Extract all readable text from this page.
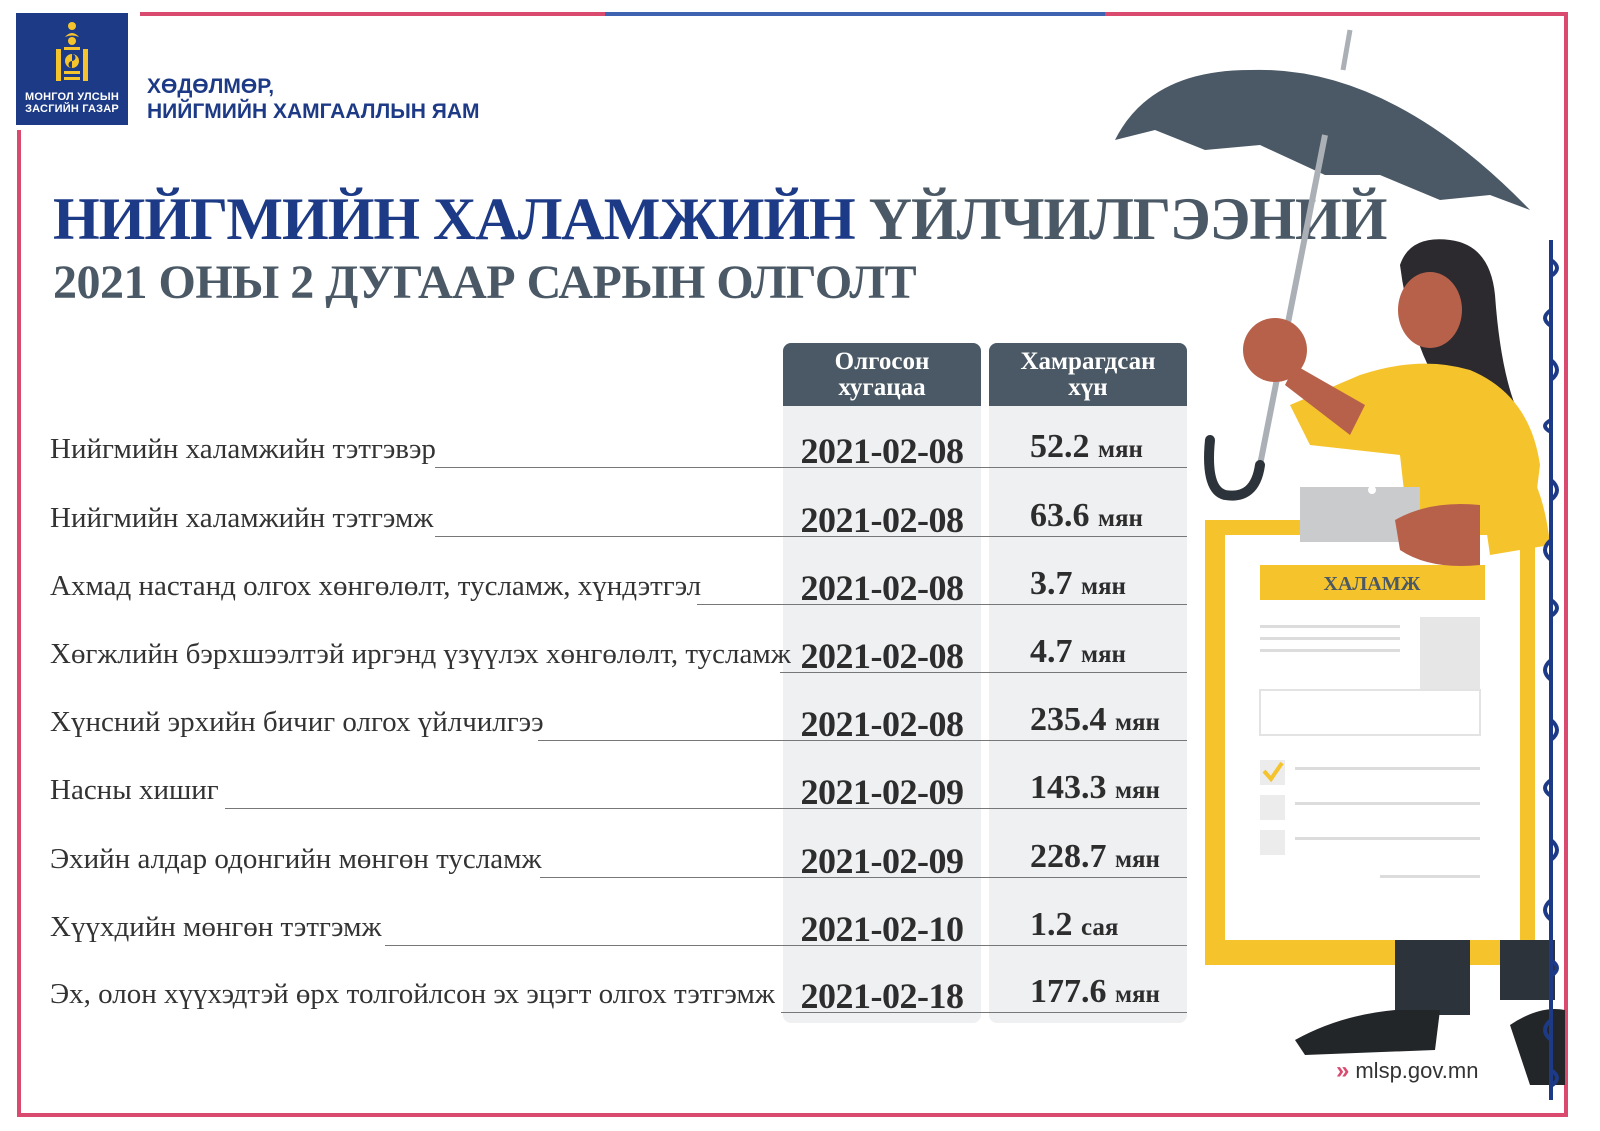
МОНГОЛ УЛСЫН
ЗАСГИЙН ГАЗАР
ХӨДӨЛМӨР,
НИЙГМИЙН ХАМГААЛЛЫН ЯАМ
НИЙГМИЙН ХАЛАМЖИЙН ҮЙЛЧИЛГЭЭНИЙ
2021 ОНЫ 2 ДУГААР САРЫН ОЛГОЛТ
Олгосон
хугацаа
Хамрагдсан
хүн
Нийгмийн халамжийн тэтгэвэр	2021-02-08	52.2 мян
Нийгмийн халамжийн тэтгэмж	2021-02-08	63.6 мян
Ахмад настанд олгох хөнгөлөлт, тусламж, хүндэтгэл	2021-02-08	3.7 мян
Хөгжлийн бэрхшээлтэй иргэнд үзүүлэх хөнгөлөлт, тусламж 2021-02-08	4.7 мян
Хүнсний эрхийн бичиг олгох үйлчилгээ	2021-02-08	235.4 мян
Насны хишиг	2021-02-09	143.3 мян
Эхийн алдар одонгийн мөнгөн тусламж	2021-02-09	228.7 мян
Хүүхдийн мөнгөн тэтгэмж	2021-02-10	1.2 сая
Эх, олон хүүхэдтэй өрх толгойлсон эх эцэгт олгох тэтгэмж 2021-02-18	177.6 мян
ХАЛАМЖ
» mlsp.gov.mn
